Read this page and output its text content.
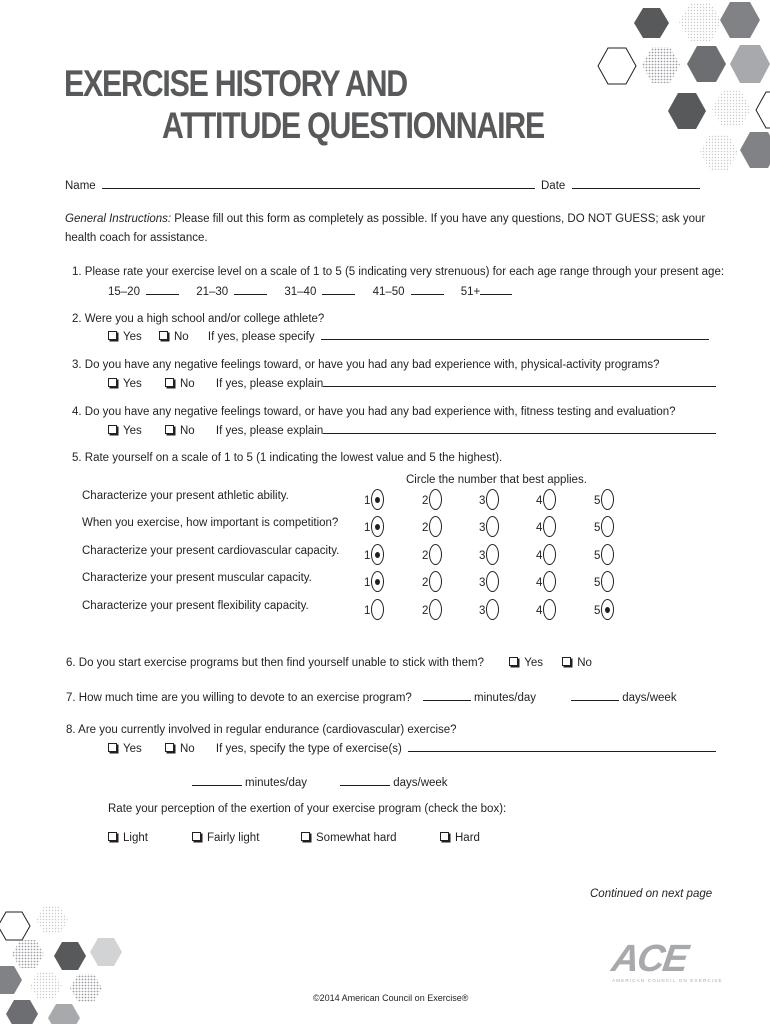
EXERCISE HISTORY AND
ATTITUDE QUESTIONNAIRE
Name	Date
General Instructions: Please fill out this form as completely as possible. If you have any questions, DO NOT GUESS; ask your
health coach for assistance.
1. Please rate your exercise level on a scale of 1 to 5 (5 indicating very strenuous) for each age range through your present age:
15–20	21–30	31–40	41–50	51+
2. Were you a high school and/or college athlete?
Yes	No If yes, please specify
3. Do you have any negative feelings toward, or have you had any bad experience with, physical-activity programs?
Yes	No If yes, please explain
4. Do you have any negative feelings toward, or have you had any bad experience with, fitness testing and evaluation?
Yes	No If yes, please explain
5. Rate yourself on a scale of 1 to 5 (1 indicating the lowest value and 5 the highest).
Circle the number that best applies.
Characterize your present athletic ability.	1	2	3	4	5
When you exercise, how important is competition? 1	2	3	4	5
Characterize your present cardiovascular capacity. 1	2	3	4	5
Characterize your present muscular capacity.	1	2	3	4	5
Characterize your present flexibility capacity.	1	2	3	4	5
6. Do you start exercise programs but then find yourself unable to stick with them?	Yes	No
7. How much time are you willing to devote to an exercise program?	minutes/day	days/week
8. Are you currently involved in regular endurance (cardiovascular) exercise?
Yes	No If yes, specify the type of exercise(s)
minutes/day	days/week
Rate your perception of the exertion of your exercise program (check the box):
Light	Fairly light	Somewhat hard	Hard
Continued on next page
ACE
AMERICAN COUNCIL ON EXERCISE
©2014 American Council on Exercise®
